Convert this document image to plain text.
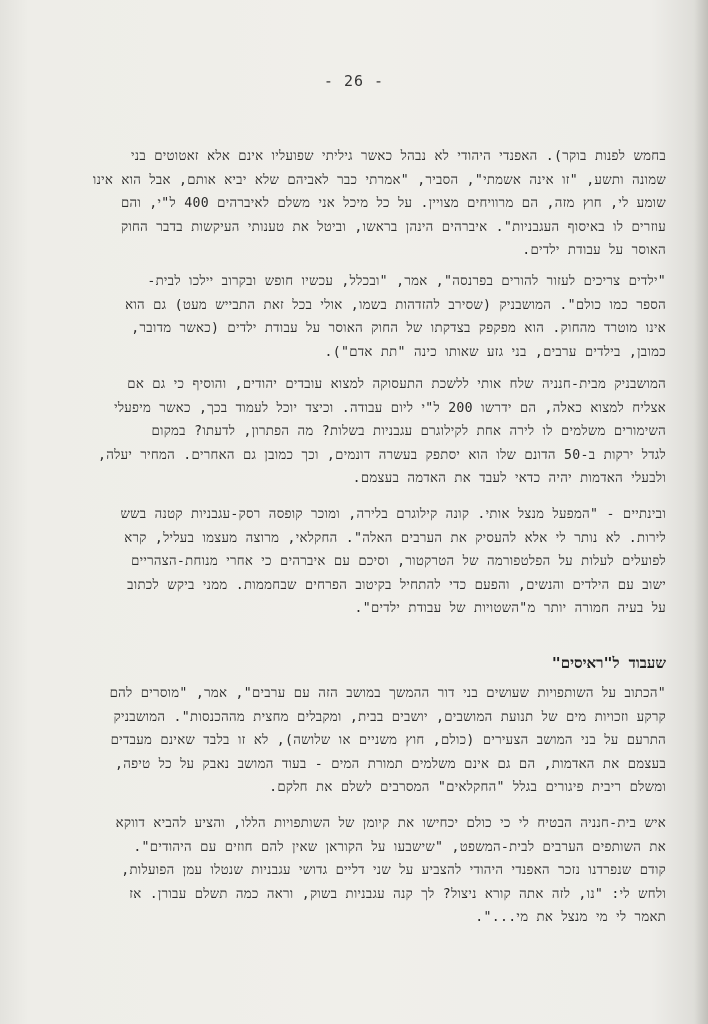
- 26 -
בחמש לפנות בוקר). האפנדי היהודי לא נבהל כאשר גיליתי שפועליו אינם אלא זאטוטים בני
שמונה ותשע, "זו אינה אשמתי", הסביר, "אמרתי כבר לאביהם שלא יביא אותם, אבל הוא אינו
שומע לי, חוץ מזה, הם מרוויחים מצויין. על כל מיכל אני משלם לאיברהים 400 ל"י, והם
עוזרים לו באיסוף העגבניות". איברהים הינהן בראשו, וביטל את טענותי העיקשות בדבר החוק
האוסר על עבודת ילדים.
"ילדים צריכים לעזור להורים בפרנסה", אמר, "ובכלל, עכשיו חופש ובקרוב יילכו לבית-
הספר כמו כולם". המושבניק (שסירב להזדהות בשמו, אולי בכל זאת התבייש מעט) גם הוא
אינו מוטרד מהחוק. הוא מפקפק בצדקתו של החוק האוסר על עבודת ילדים (כאשר מדובר,
כמובן, בילדים ערבים, בני גזע שאותו כינה "תת אדם").
המושבניק מבית-חנניה שלח אותי ללשכת התעסוקה למצוא עובדים יהודים, והוסיף כי גם אם
אצליח למצוא כאלה, הם ידרשו 200 ל"י ליום עבודה. וכיצד יוכל לעמוד בכך, כאשר מיפעלי
השימורים משלמים לו לירה אחת לקילוגרם עגבניות בשלות? מה הפתרון, לדעתו? במקום
לגדל ירקות ב-50 הדונם שלו הוא יסתפק בעשרה דונמים, וכך כמובן גם האחרים. המחיר יעלה,
ולבעלי האדמות יהיה כדאי לעבד את האדמה בעצמם.
ובינתיים - "המפעל מנצל אותי. קונה קילוגרם בלירה, ומוכר קופסה רסק-עגבניות קטנה בשש
לירות. לא נותר לי אלא להעסיק את הערבים האלה". החקלאי, מרוצה מעצמו בעליל, קרא
לפועלים לעלות על הפלטפורמה של הטרקטור, וסיכם עם איברהים כי אחרי מנוחת-הצהריים
ישוב עם הילדים והנשים, והפעם כדי להתחיל בקיטוב הפרחים שבחממות. ממני ביקש לכתוב
על בעיה חמורה יותר מ"השטויות של עבודת ילדים".
שעבוד ל"ראיסים"
"הכתוב על השותפויות שעושים בני דור ההמשך במושב הזה עם ערבים", אמר, "מוסרים להם
קרקע וזכויות מים של תנועת המושבים, יושבים בבית, ומקבלים מחצית מההכנסות". המושבניק
התרעם על בני המושב הצעירים (כולם, חוץ משניים או שלושה), לא זו בלבד שאינם מעבדים
בעצמם את האדמות, הם גם אינם משלמים תמורת המים - בעוד המושב נאבק על כל טיפה,
ומשלם ריבית פיגורים בגלל "החקלאים" המסרבים לשלם את חלקם.
איש בית-חנניה הבטיח לי כי כולם יכחישו את קיומן של השותפויות הללו, והציע להביא דווקא
את השותפים הערבים לבית-המשפט, "שישבעו על הקוראן שאין להם חוזים עם היהודים".
קודם שנפרדנו נזכר האפנדי היהודי להצביע על שני דליים גדושי עגבניות שנטלו עמן הפועלות,
ולחש לי: "נו, לזה אתה קורא ניצול? לך קנה עגבניות בשוק, וראה כמה תשלם עבורן. אז
תאמר לי מי מנצל את מי...".
